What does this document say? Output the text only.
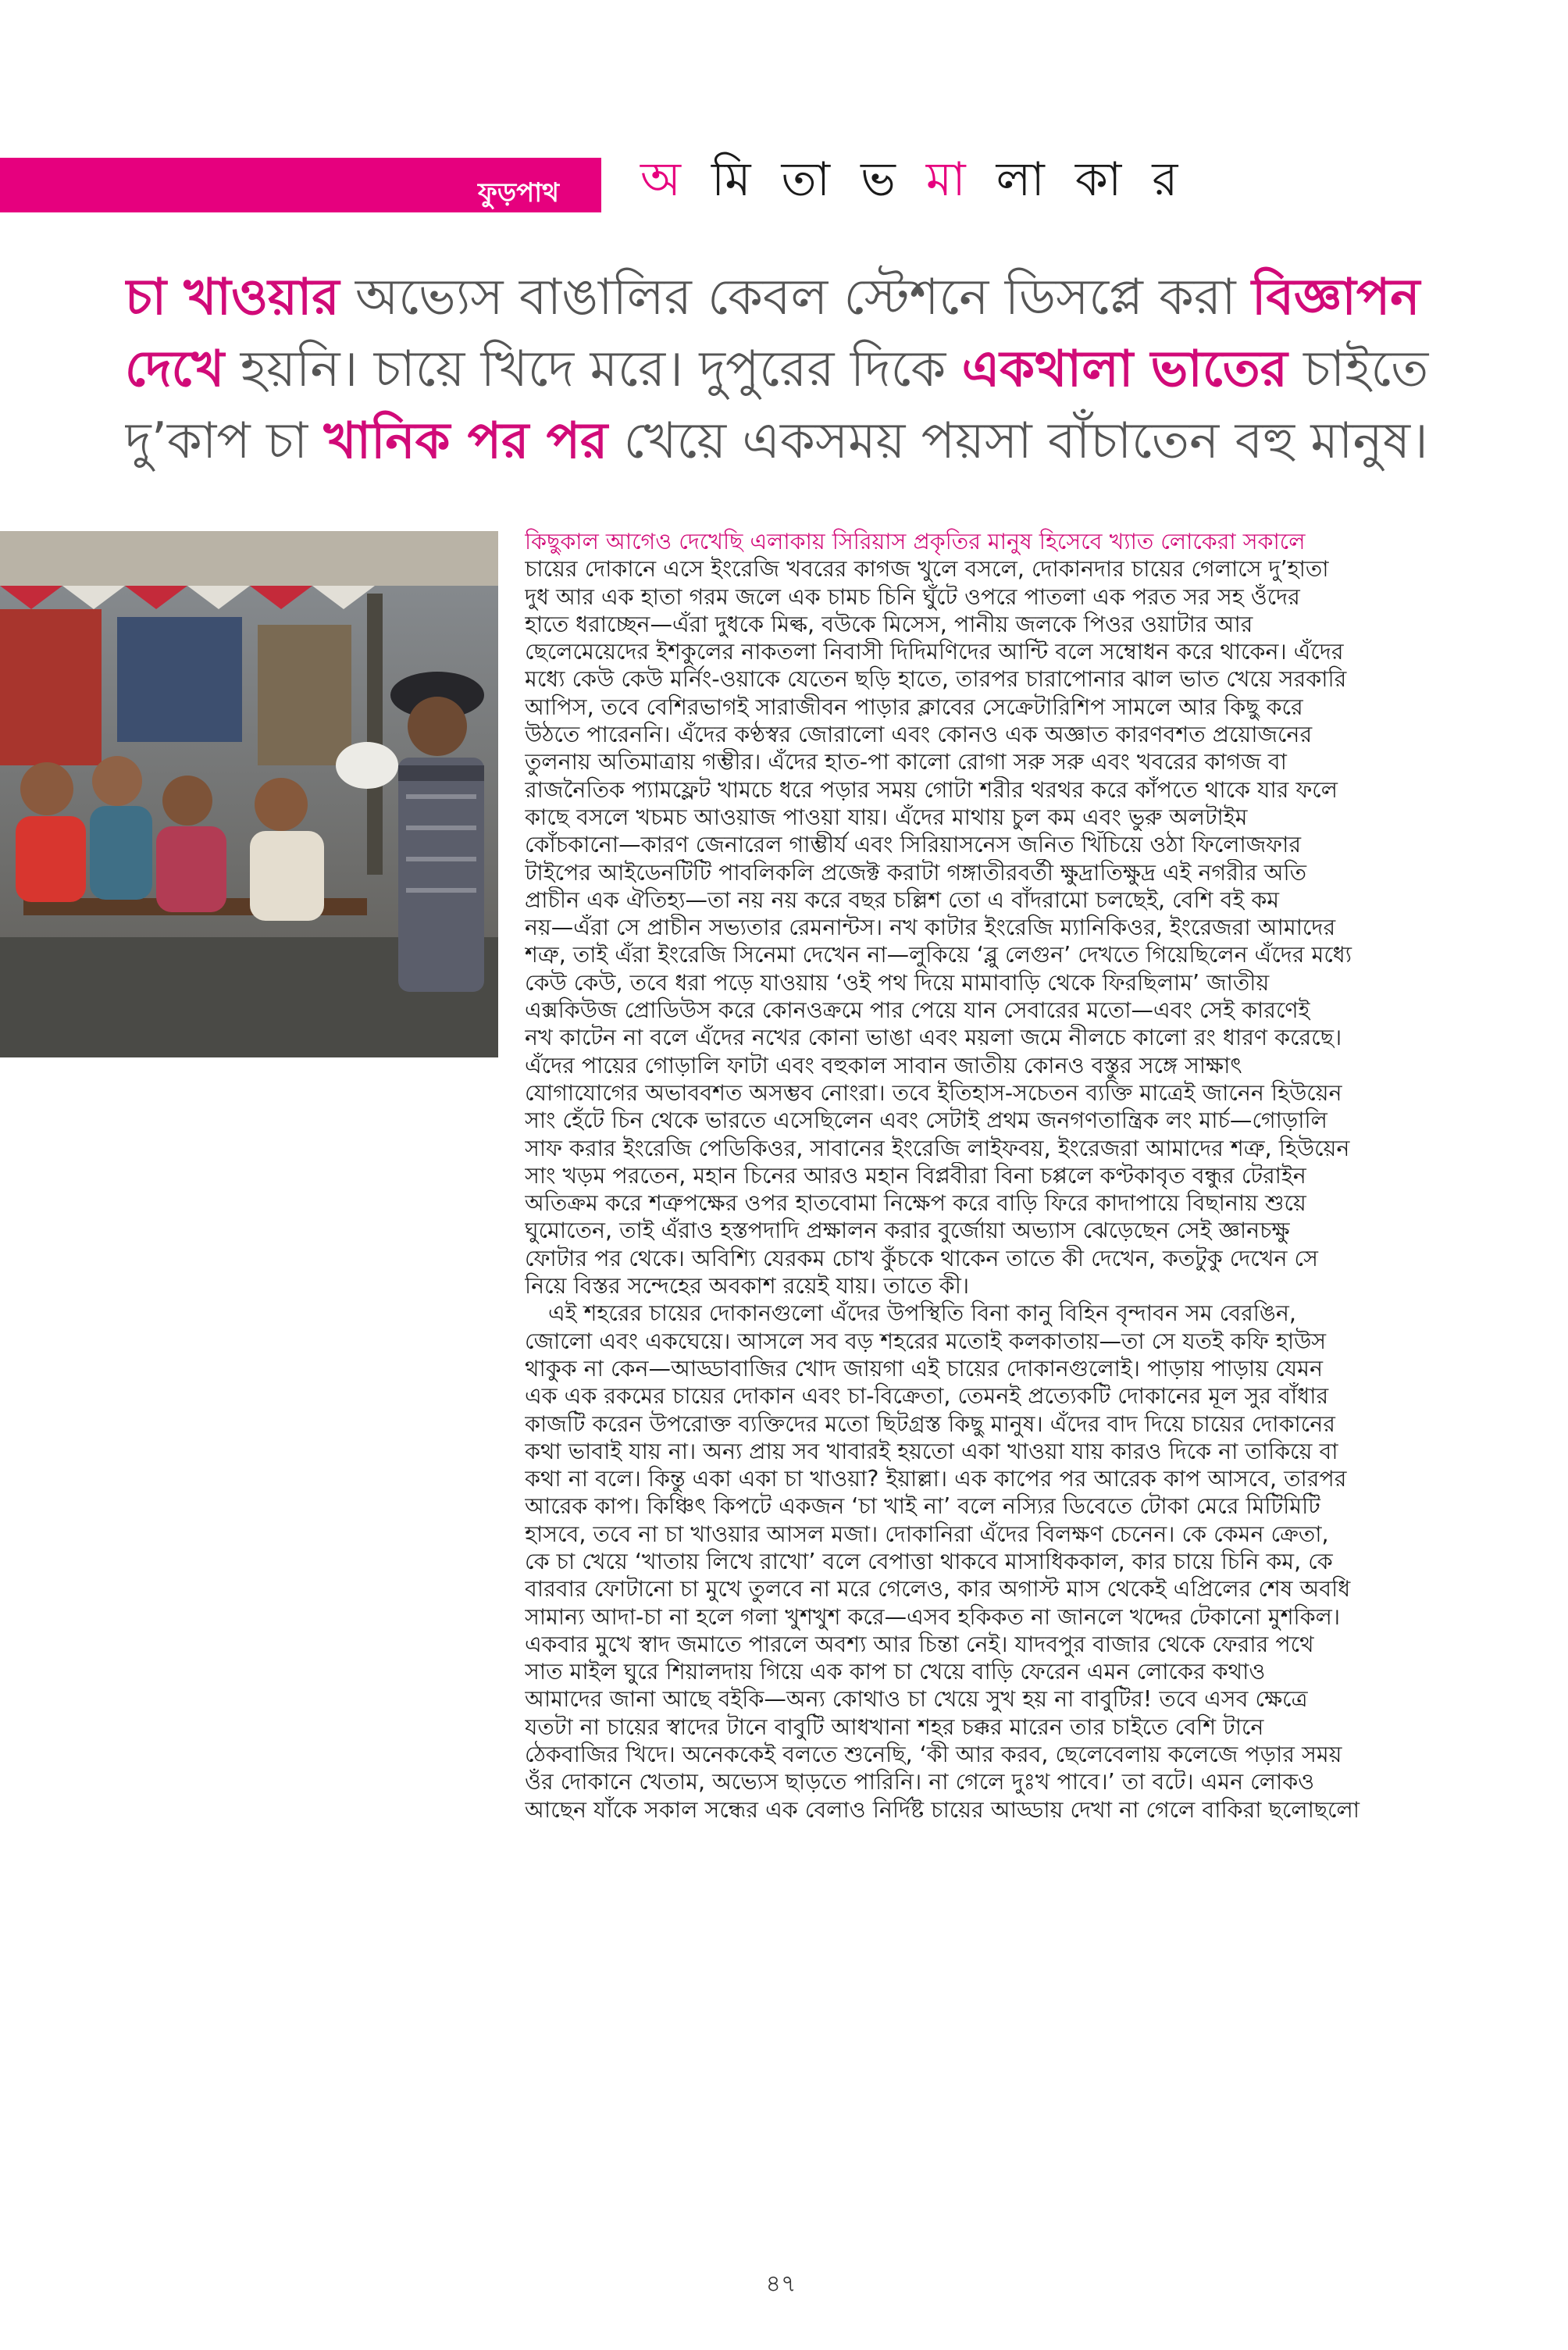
ফুড়পাথ	অ মি তা ভ মা লা কা র
চা খাওয়ার অভ্যেস বাঙালির কেবল স্টেশনে ডিসপ্লে করা বিজ্ঞাপন
দেখে হয়নি। চায়ে খিদে মরে। দুপুরের দিকে একথালা ভাতের চাইতে
দু’কাপ চা খানিক পর পর খেয়ে একসময় পয়সা বাঁচাতেন বহু মানুষ।
কিছুকাল আগেও দেখেছি এলাকায় সিরিয়াস প্রকৃতির মানুষ হিসেবে খ্যাত লোকেরা সকালে
চায়ের দোকানে এসে ইংরেজি খবরের কাগজ খুলে বসলে, দোকানদার চায়ের গেলাসে দু’হাতা
দুধ আর এক হাতা গরম জলে এক চামচ চিনি ঘুঁটে ওপরে পাতলা এক পরত সর সহ ওঁদের
হাতে ধরাচ্ছেন—এঁরা দুধকে মিল্ক, বউকে মিসেস, পানীয় জলকে পিওর ওয়াটার আর
ছেলেমেয়েদের ইশকুলের নাকতলা নিবাসী দিদিমণিদের আন্টি বলে সম্বোধন করে থাকেন। এঁদের
মধ্যে কেউ কেউ মর্নিং-ওয়াকে যেতেন ছড়ি হাতে, তারপর চারাপোনার ঝাল ভাত খেয়ে সরকারি
আপিস, তবে বেশিরভাগই সারাজীবন পাড়ার ক্লাবের সেক্রেটারিশিপ সামলে আর কিছু করে
উঠতে পারেননি। এঁদের কণ্ঠস্বর জোরালো এবং কোনও এক অজ্ঞাত কারণবশত প্রয়োজনের
তুলনায় অতিমাত্রায় গম্ভীর। এঁদের হাত-পা কালো রোগা সরু সরু এবং খবরের কাগজ বা
রাজনৈতিক প্যামফ্লেট খামচে ধরে পড়ার সময় গোটা শরীর থরথর করে কাঁপতে থাকে যার ফলে
কাছে বসলে খচমচ আওয়াজ পাওয়া যায়। এঁদের মাথায় চুল কম এবং ভুরু অলটাইম
কোঁচকানো—কারণ জেনারেল গাম্ভীর্য এবং সিরিয়াসনেস জনিত খিঁচিয়ে ওঠা ফিলোজফার
টাইপের আইডেনটিটি পাবলিকলি প্রজেক্ট করাটা গঙ্গাতীরবর্তী ক্ষুদ্রাতিক্ষুদ্র এই নগরীর অতি
প্রাচীন এক ঐতিহ্য—তা নয় নয় করে বছর চল্লিশ তো এ বাঁদরামো চলছেই, বেশি বই কম
নয়—এঁরা সে প্রাচীন সভ্যতার রেমনান্টস। নখ কাটার ইংরেজি ম্যানিকিওর, ইংরেজরা আমাদের
শত্রু, তাই এঁরা ইংরেজি সিনেমা দেখেন না—লুকিয়ে ‘ব্লু লেগুন’ দেখতে গিয়েছিলেন এঁদের মধ্যে
কেউ কেউ, তবে ধরা পড়ে যাওয়ায় ‘ওই পথ দিয়ে মামাবাড়ি থেকে ফিরছিলাম’ জাতীয়
এক্সকিউজ প্রোডিউস করে কোনওক্রমে পার পেয়ে যান সেবারের মতো—এবং সেই কারণেই
নখ কাটেন না বলে এঁদের নখের কোনা ভাঙা এবং ময়লা জমে নীলচে কালো রং ধারণ করেছে।
এঁদের পায়ের গোড়ালি ফাটা এবং বহুকাল সাবান জাতীয় কোনও বস্তুর সঙ্গে সাক্ষাৎ
যোগাযোগের অভাববশত অসম্ভব নোংরা। তবে ইতিহাস-সচেতন ব্যক্তি মাত্রেই জানেন হিউয়েন
সাং হেঁটে চিন থেকে ভারতে এসেছিলেন এবং সেটাই প্রথম জনগণতান্ত্রিক লং মার্চ—গোড়ালি
সাফ করার ইংরেজি পেডিকিওর, সাবানের ইংরেজি লাইফবয়, ইংরেজরা আমাদের শত্রু, হিউয়েন
সাং খড়ম পরতেন, মহান চিনের আরও মহান বিপ্লবীরা বিনা চপ্পলে কণ্টকাবৃত বন্ধুর টেরাইন
অতিক্রম করে শত্রুপক্ষের ওপর হাতবোমা নিক্ষেপ করে বাড়ি ফিরে কাদাপায়ে বিছানায় শুয়ে
ঘুমোতেন, তাই এঁরাও হস্তপদাদি প্রক্ষালন করার বুর্জোয়া অভ্যাস ঝেড়েছেন সেই জ্ঞানচক্ষু
ফোটার পর থেকে। অবিশ্যি যেরকম চোখ কুঁচকে থাকেন তাতে কী দেখেন, কতটুকু দেখেন সে
নিয়ে বিস্তর সন্দেহের অবকাশ রয়েই যায়। তাতে কী।
এই শহরের চায়ের দোকানগুলো এঁদের উপস্থিতি বিনা কানু বিহিন বৃন্দাবন সম বেরঙিন,
জোলো এবং একঘেয়ে। আসলে সব বড় শহরের মতোই কলকাতায়—তা সে যতই কফি হাউস
থাকুক না কেন—আড্ডাবাজির খোদ জায়গা এই চায়ের দোকানগুলোই। পাড়ায় পাড়ায় যেমন
এক এক রকমের চায়ের দোকান এবং চা-বিক্রেতা, তেমনই প্রত্যেকটি দোকানের মূল সুর বাঁধার
কাজটি করেন উপরোক্ত ব্যক্তিদের মতো ছিটগ্রস্ত কিছু মানুষ। এঁদের বাদ দিয়ে চায়ের দোকানের
কথা ভাবাই যায় না। অন্য প্রায় সব খাবারই হয়তো একা খাওয়া যায় কারও দিকে না তাকিয়ে বা
কথা না বলে। কিন্তু একা একা চা খাওয়া? ইয়াল্লা। এক কাপের পর আরেক কাপ আসবে, তারপর
আরেক কাপ। কিঞ্চিৎ কিপটে একজন ‘চা খাই না’ বলে নস্যির ডিবেতে টোকা মেরে মিটিমিটি
হাসবে, তবে না চা খাওয়ার আসল মজা। দোকানিরা এঁদের বিলক্ষণ চেনেন। কে কেমন ক্রেতা,
কে চা খেয়ে ‘খাতায় লিখে রাখো’ বলে বেপাত্তা থাকবে মাসাধিককাল, কার চায়ে চিনি কম, কে
বারবার ফোটানো চা মুখে তুলবে না মরে গেলেও, কার অগাস্ট মাস থেকেই এপ্রিলের শেষ অবধি
সামান্য আদা-চা না হলে গলা খুশখুশ করে—এসব হকিকত না জানলে খদ্দের টেকানো মুশকিল।
একবার মুখে স্বাদ জমাতে পারলে অবশ্য আর চিন্তা নেই। যাদবপুর বাজার থেকে ফেরার পথে
সাত মাইল ঘুরে শিয়ালদায় গিয়ে এক কাপ চা খেয়ে বাড়ি ফেরেন এমন লোকের কথাও
আমাদের জানা আছে বইকি—অন্য কোথাও চা খেয়ে সুখ হয় না বাবুটির! তবে এসব ক্ষেত্রে
যতটা না চায়ের স্বাদের টানে বাবুটি আধখানা শহর চক্কর মারেন তার চাইতে বেশি টানে
ঠেকবাজির খিদে। অনেককেই বলতে শুনেছি, ‘কী আর করব, ছেলেবেলায় কলেজে পড়ার সময়
ওঁর দোকানে খেতাম, অভ্যেস ছাড়তে পারিনি। না গেলে দুঃখ পাবে।’ তা বটে। এমন লোকও
আছেন যাঁকে সকাল সন্ধের এক বেলাও নির্দিষ্ট চায়ের আড্ডায় দেখা না গেলে বাকিরা ছলোছলো
৪৭
